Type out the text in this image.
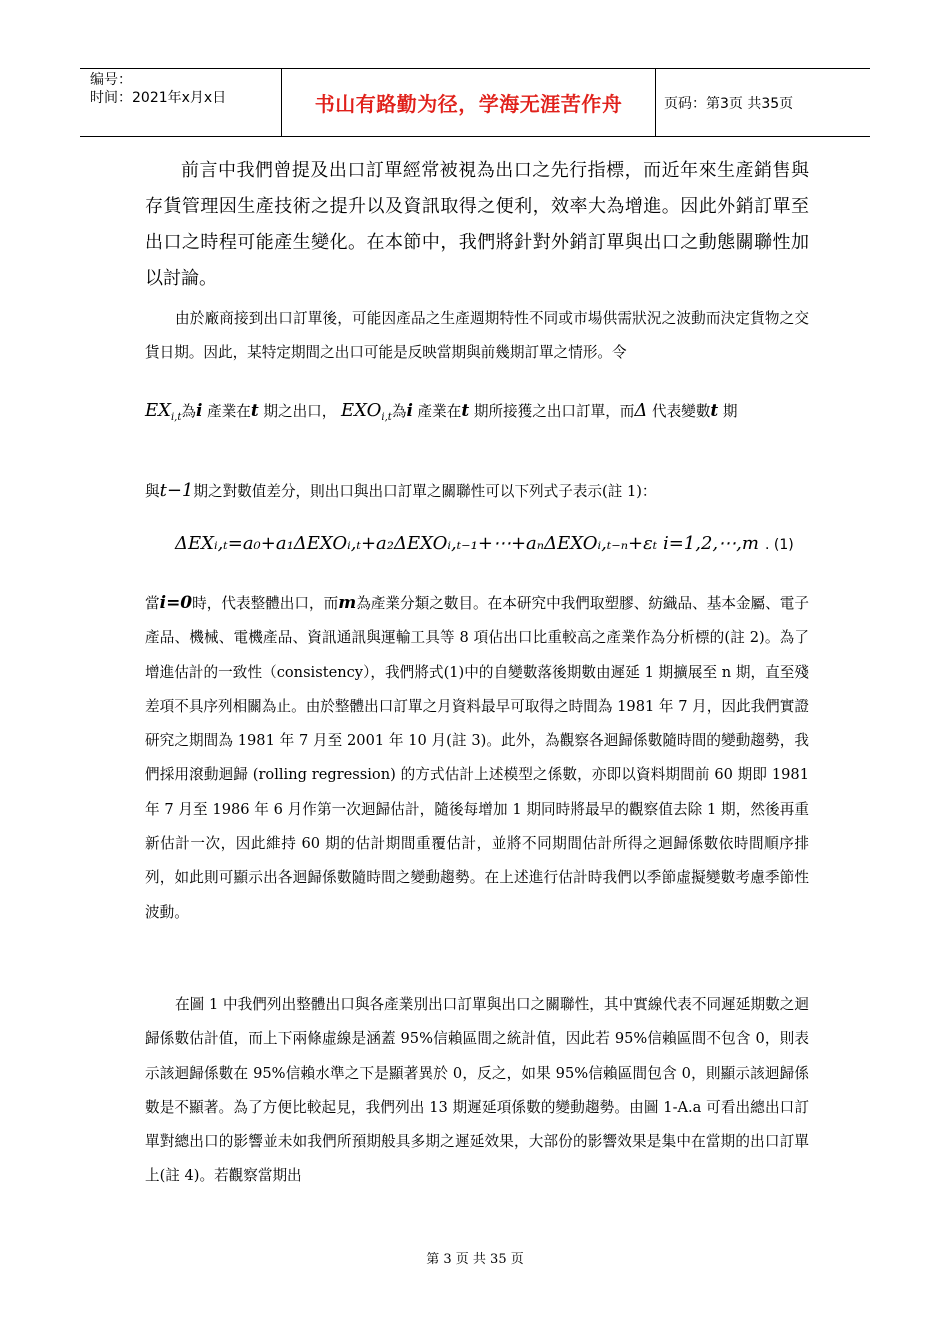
编号：
时间：2021年x月x日	书山有路勤为径，学海无涯苦作舟	页码：第3页 共35页

前言中我們曾提及出口訂單經常被視為出口之先行指標，而近年來生產銷售與存貨管理因生產技術之提升以及資訊取得之便利，效率大為增進。因此外銷訂單至出口之時程可能產生變化。在本節中，我們將針對外銷訂單與出口之動態關聯性加以討論。

由於廠商接到出口訂單後，可能因產品之生產週期特性不同或市場供需狀況之波動而決定貨物之交貨日期。因此，某特定期間之出口可能是反映當期與前幾期訂單之情形。令

$EX_{i,t}$為i 產業在t 期之出口， $EXO_{i,t}$為i 產業在t 期所接獲之出口訂單，而Δ 代表變數t 期
與t−1期之對數值差分，則出口與出口訂單之關聯性可以下列式子表示(註 1)：
ΔEXᵢ,ₜ=a₀+a₁ΔEXOᵢ,ₜ+a₂ΔEXOᵢ,ₜ₋₁+⋯+aₙΔEXOᵢ,ₜ₋ₙ+εₜ i=1,2,⋯,m . (1)

當i=0時，代表整體出口，而m為產業分類之數目。在本研究中我們取塑膠、紡織品、基本金屬、電子產品、機械、電機產品、資訊通訊與運輸工具等 8 項佔出口比重較高之產業作為分析標的(註 2)。為了增進估計的一致性（consistency），我們將式(1)中的自變數落後期數由遲延 1 期擴展至 n 期，直至殘差項不具序列相關為止。由於整體出口訂單之月資料最早可取得之時間為 1981 年 7 月，因此我們實證研究之期間為 1981 年 7 月至 2001 年 10 月(註 3)。此外，為觀察各迴歸係數隨時間的變動趨勢，我們採用滾動迴歸 (rolling regression) 的方式估計上述模型之係數，亦即以資料期間前 60 期即 1981 年 7 月至 1986 年 6 月作第一次迴歸估計，隨後每增加 1 期同時將最早的觀察值去除 1 期，然後再重新估計一次，因此維持 60 期的估計期間重覆估計，並將不同期間估計所得之迴歸係數依時間順序排列，如此則可顯示出各迴歸係數隨時間之變動趨勢。在上述進行估計時我們以季節虛擬變數考慮季節性波動。

在圖 1 中我們列出整體出口與各產業別出口訂單與出口之關聯性，其中實線代表不同遲延期數之迴歸係數估計值，而上下兩條虛線是涵蓋 95%信賴區間之統計值，因此若 95%信賴區間不包含 0，則表示該迴歸係數在 95%信賴水準之下是顯著異於 0，反之，如果 95%信賴區間包含 0，則顯示該迴歸係數是不顯著。為了方便比較起見，我們列出 13 期遲延項係數的變動趨勢。由圖 1-A.a 可看出總出口訂單對總出口的影響並未如我們所預期般具多期之遲延效果，大部份的影響效果是集中在當期的出口訂單上(註 4)。若觀察當期出

第 3 页 共 35 页
